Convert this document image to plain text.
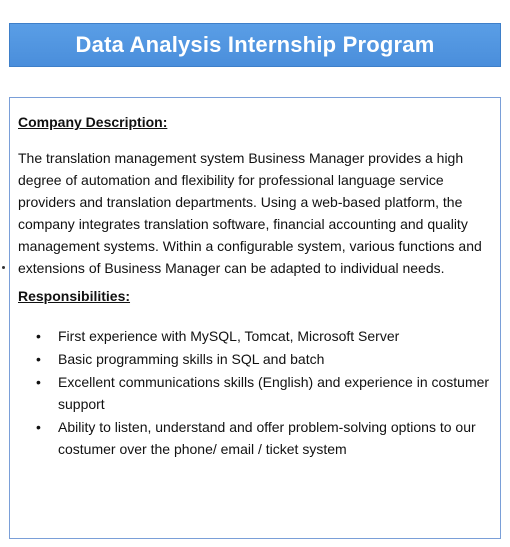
Data Analysis Internship Program
Company Description:

The translation management system Business Manager provides a high degree of automation and flexibility for professional language service providers and translation departments. Using a web-based platform, the company integrates translation software, financial accounting and quality management systems. Within a configurable system, various functions and extensions of Business Manager can be adapted to individual needs.

Responsibilities:
• First experience with MySQL, Tomcat, Microsoft Server
• Basic programming skills in SQL and batch
• Excellent communications skills (English) and experience in costumer support
• Ability to listen, understand and offer problem-solving options to our costumer over the phone/ email / ticket system
